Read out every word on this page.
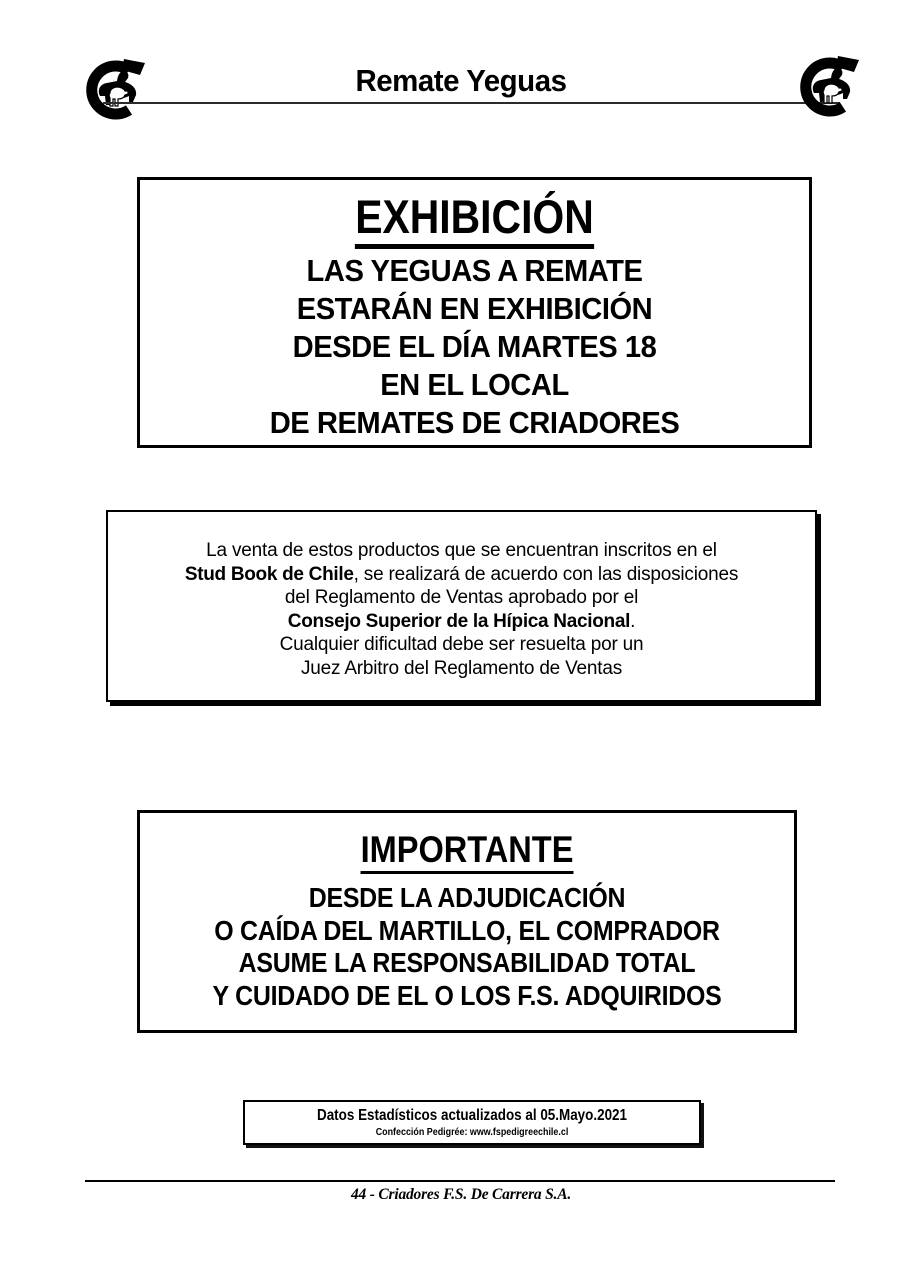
Remate Yeguas
EXHIBICIÓN
LAS YEGUAS A REMATE
ESTARÁN EN EXHIBICIÓN
DESDE EL DÍA MARTES 18
EN EL LOCAL
DE REMATES DE CRIADORES
La venta de estos productos que se encuentran inscritos en el
Stud Book de Chile, se realizará de acuerdo con las disposiciones
del Reglamento de Ventas aprobado por el
Consejo Superior de la Hípica Nacional.
Cualquier dificultad debe ser resuelta por un
Juez Arbitro del Reglamento de Ventas
IMPORTANTE
DESDE LA ADJUDICACIÓN
O CAÍDA DEL MARTILLO, EL COMPRADOR
ASUME LA RESPONSABILIDAD TOTAL
Y CUIDADO DE EL O LOS F.S. ADQUIRIDOS
Datos Estadísticos actualizados al 05.Mayo.2021
Confección Pedigrée: www.fspedigreechile.cl
44 - Criadores F.S. De Carrera S.A.
